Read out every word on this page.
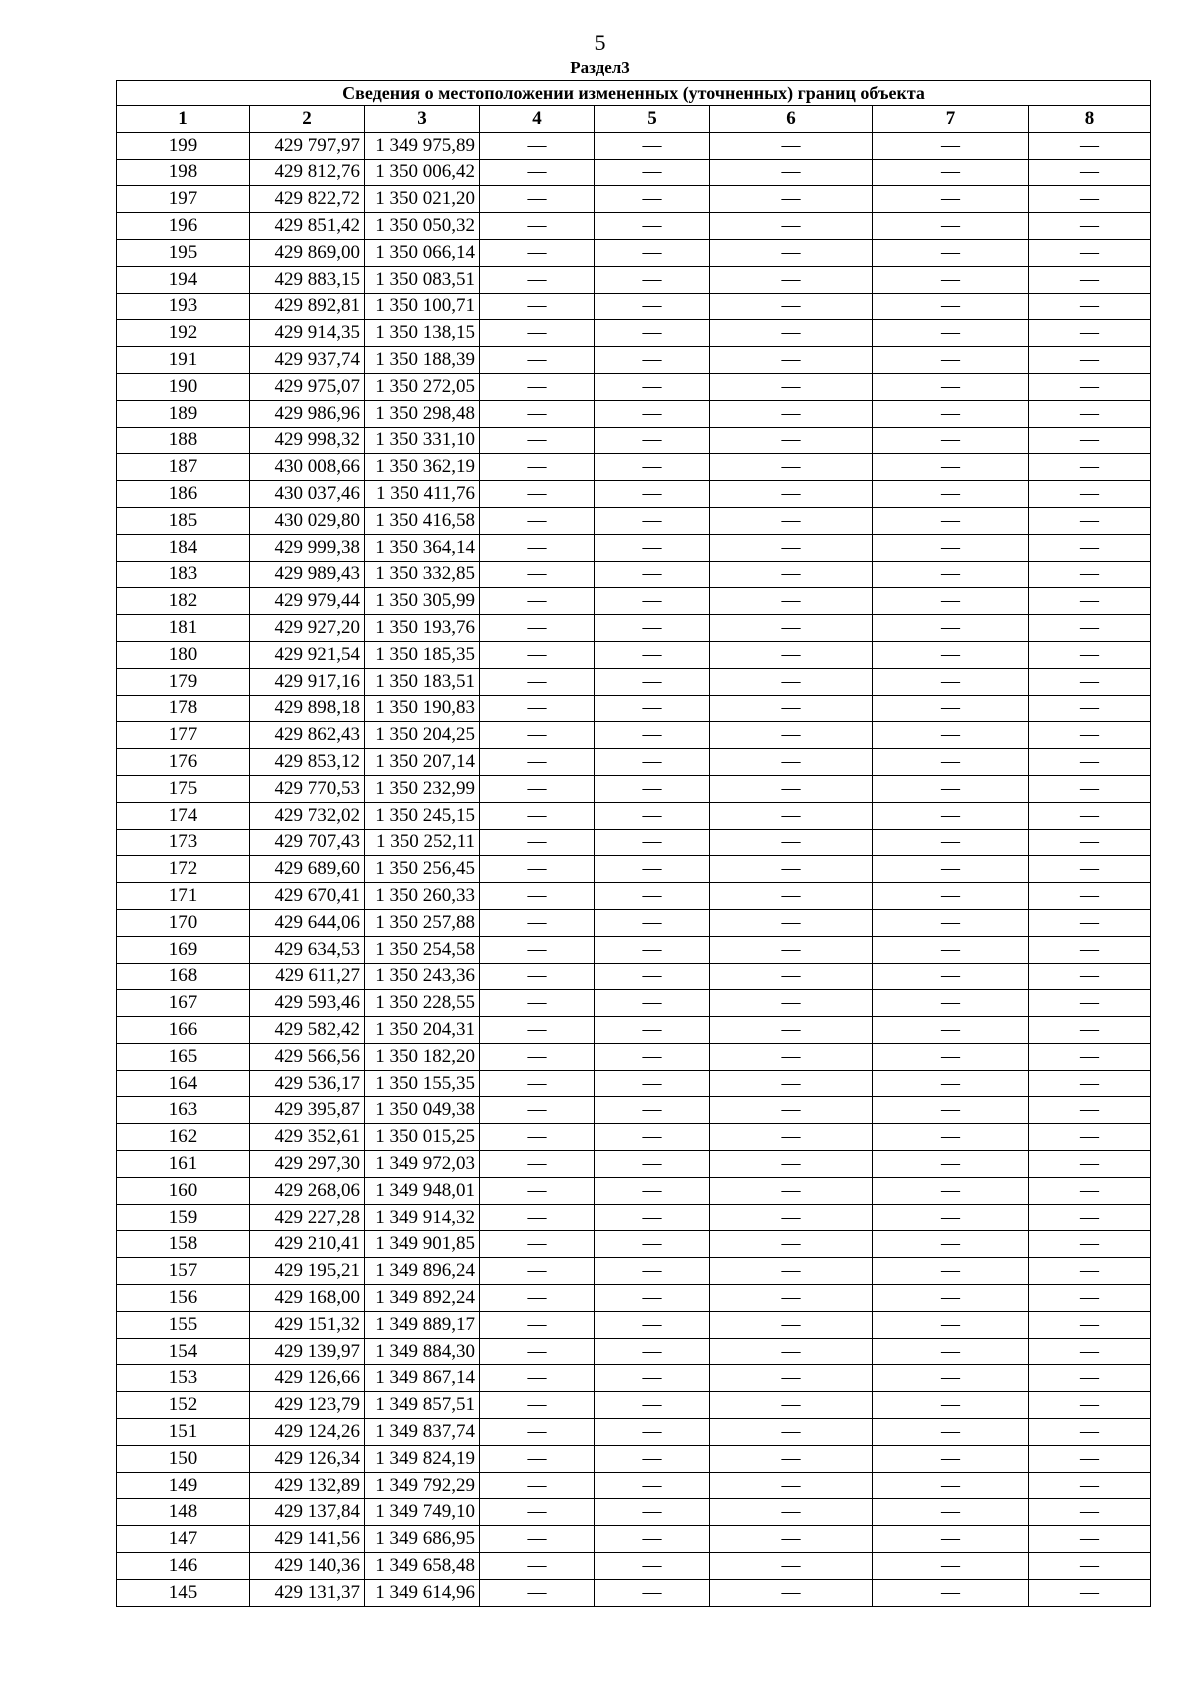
5
Раздел3
Сведения о местоположении измененных (уточненных) границ объекта							
1	2	3	4	5	6	7	8
199	429 797,97	1 349 975,89	—	—	—	—	—
198	429 812,76	1 350 006,42	—	—	—	—	—
197	429 822,72	1 350 021,20	—	—	—	—	—
196	429 851,42	1 350 050,32	—	—	—	—	—
195	429 869,00	1 350 066,14	—	—	—	—	—
194	429 883,15	1 350 083,51	—	—	—	—	—
193	429 892,81	1 350 100,71	—	—	—	—	—
192	429 914,35	1 350 138,15	—	—	—	—	—
191	429 937,74	1 350 188,39	—	—	—	—	—
190	429 975,07	1 350 272,05	—	—	—	—	—
189	429 986,96	1 350 298,48	—	—	—	—	—
188	429 998,32	1 350 331,10	—	—	—	—	—
187	430 008,66	1 350 362,19	—	—	—	—	—
186	430 037,46	1 350 411,76	—	—	—	—	—
185	430 029,80	1 350 416,58	—	—	—	—	—
184	429 999,38	1 350 364,14	—	—	—	—	—
183	429 989,43	1 350 332,85	—	—	—	—	—
182	429 979,44	1 350 305,99	—	—	—	—	—
181	429 927,20	1 350 193,76	—	—	—	—	—
180	429 921,54	1 350 185,35	—	—	—	—	—
179	429 917,16	1 350 183,51	—	—	—	—	—
178	429 898,18	1 350 190,83	—	—	—	—	—
177	429 862,43	1 350 204,25	—	—	—	—	—
176	429 853,12	1 350 207,14	—	—	—	—	—
175	429 770,53	1 350 232,99	—	—	—	—	—
174	429 732,02	1 350 245,15	—	—	—	—	—
173	429 707,43	1 350 252,11	—	—	—	—	—
172	429 689,60	1 350 256,45	—	—	—	—	—
171	429 670,41	1 350 260,33	—	—	—	—	—
170	429 644,06	1 350 257,88	—	—	—	—	—
169	429 634,53	1 350 254,58	—	—	—	—	—
168	429 611,27	1 350 243,36	—	—	—	—	—
167	429 593,46	1 350 228,55	—	—	—	—	—
166	429 582,42	1 350 204,31	—	—	—	—	—
165	429 566,56	1 350 182,20	—	—	—	—	—
164	429 536,17	1 350 155,35	—	—	—	—	—
163	429 395,87	1 350 049,38	—	—	—	—	—
162	429 352,61	1 350 015,25	—	—	—	—	—
161	429 297,30	1 349 972,03	—	—	—	—	—
160	429 268,06	1 349 948,01	—	—	—	—	—
159	429 227,28	1 349 914,32	—	—	—	—	—
158	429 210,41	1 349 901,85	—	—	—	—	—
157	429 195,21	1 349 896,24	—	—	—	—	—
156	429 168,00	1 349 892,24	—	—	—	—	—
155	429 151,32	1 349 889,17	—	—	—	—	—
154	429 139,97	1 349 884,30	—	—	—	—	—
153	429 126,66	1 349 867,14	—	—	—	—	—
152	429 123,79	1 349 857,51	—	—	—	—	—
151	429 124,26	1 349 837,74	—	—	—	—	—
150	429 126,34	1 349 824,19	—	—	—	—	—
149	429 132,89	1 349 792,29	—	—	—	—	—
148	429 137,84	1 349 749,10	—	—	—	—	—
147	429 141,56	1 349 686,95	—	—	—	—	—
146	429 140,36	1 349 658,48	—	—	—	—	—
145	429 131,37	1 349 614,96	—	—	—	—	—
